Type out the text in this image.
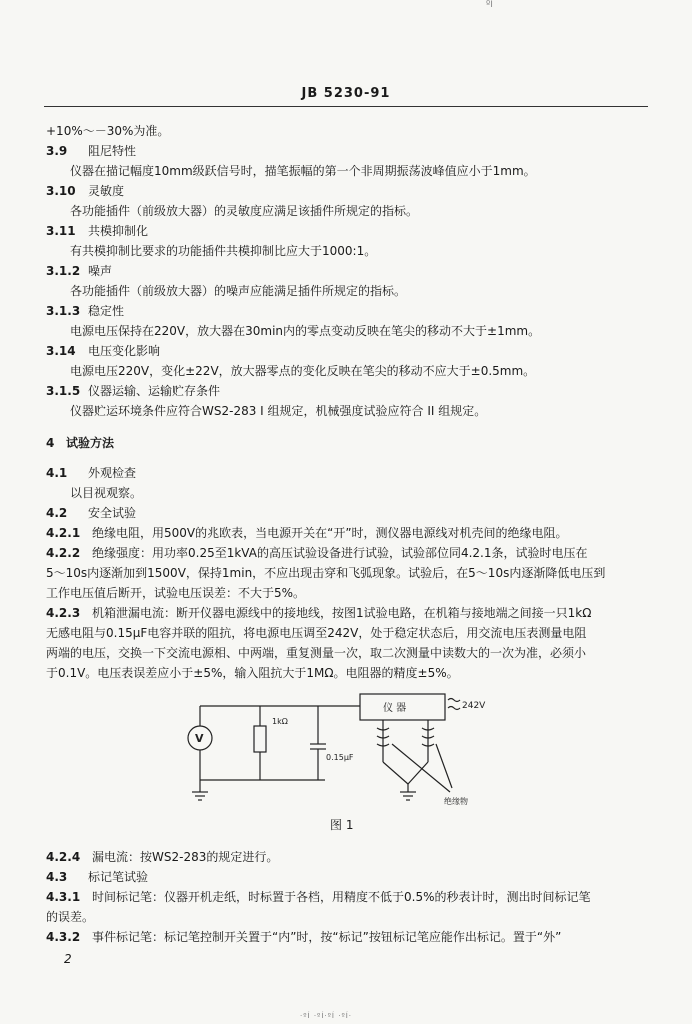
ºÍ
JB 5230-91
+10%～－30%为准。
3.9 阻尼特性
仪器在描记幅度10mm级跃信号时，描笔振幅的第一个非周期振荡波峰值应小于1mm。
3.10 灵敏度
各功能插件（前级放大器）的灵敏度应满足该插件所规定的指标。
3.11 共模抑制化
有共模抑制比要求的功能插件共模抑制比应大于1000:1。
3.1.2 噪声
各功能插件（前级放大器）的噪声应能满足插件所规定的指标。
3.1.3 稳定性
电源电压保持在220V，放大器在30min内的零点变动反映在笔尖的移动不大于±1mm。
3.14 电压变化影响
电源电压220V，变化±22V，放大器零点的变化反映在笔尖的移动不应大于±0.5mm。
3.1.5 仪器运输、运输贮存条件
仪器贮运环境条件应符合WS2-283 I 组规定，机械强度试验应符合 II 组规定。
4 试验方法
4.1 外观检查
以目视观察。
4.2 安全试验
4.2.1 绝缘电阻，用500V的兆欧表，当电源开关在“开”时，测仪器电源线对机壳间的绝缘电阻。
4.2.2 绝缘强度：用功率0.25至1kVA的高压试验设备进行试验，试验部位同4.2.1条，试验时电压在
5～10s内逐渐加到1500V，保持1min，不应出现击穿和飞弧现象。试验后，在5～10s内逐渐降低电压到
工作电压值后断开，试验电压误差：不大于5%。
4.2.3 机箱泄漏电流：断开仪器电源线中的接地线，按图1试验电路，在机箱与接地端之间接一只1kΩ
无感电阻与0.15μF电容并联的阻抗，将电源电压调至242V，处于稳定状态后，用交流电压表测量电阻
两端的电压，交换一下交流电源相、中两端，重复测量一次，取二次测量中读数大的一次为准，必须小
于0.1V。电压表误差应小于±5%，输入阻抗大于1MΩ。电阻器的精度±5%。
V
1kΩ
0.15μF
仪 器	242V
绝缘物
图 1
4.2.4 漏电流：按WS2-283的规定进行。
4.3 标记笔试验
4.3.1 时间标记笔：仪器开机走纸，时标置于各档，用精度不低于0.5%的秒表计时，测出时间标记笔
的误差。
4.3.2 事件标记笔：标记笔控制开关置于“内”时，按“标记”按钮标记笔应能作出标记。置于“外”
2
·ºÍ ·ºÍ·ºÍ ·ºÍ·
